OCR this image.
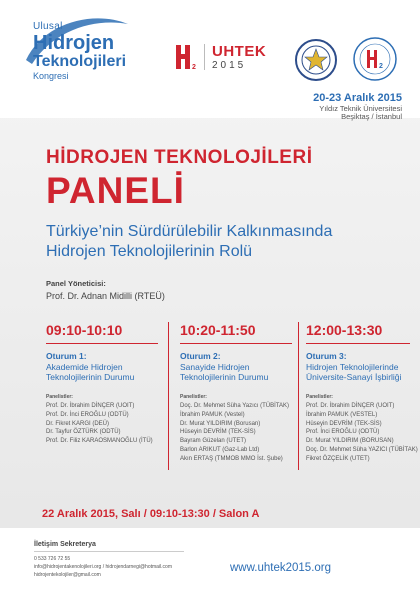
Ulusal
Hidrojen
Teknolojileri
Kongresi
2
UHTEK
2015	2
20-23 Aralık 2015
Yıldız Teknik Üniversitesi
Beşiktaş / İstanbul
HİDROJEN TEKNOLOJİLERİ
PANELİ
Türkiye’nin Sürdürülebilir Kalkınmasında
Hidrojen Teknolojilerinin Rolü
Panel Yöneticisi:
Prof. Dr. Adnan Midilli (RTEÜ)
09:10-10:10
Oturum 1:
Akademide Hidrojen
Teknolojilerinin Durumu
Panelistler:
Prof. Dr. İbrahim DİNÇER (UOIT)
Prof. Dr. İnci EROĞLU (ODTÜ)
Dr. Fikret KARGI (DEÜ)
Dr. Tayfur ÖZTÜRK (ODTÜ)
Prof. Dr. Filiz KARAOSMANOĞLU (İTÜ)
10:20-11:50
Oturum 2:
Sanayide Hidrojen
Teknolojilerinin Durumu
Panelistler:
Doç. Dr. Mehmet Süha Yazıcı (TÜBİTAK)
İbrahim PAMUK (Vestel)
Dr. Murat YILDIRIM (Borusan)
Hüseyin DEVRİM (TEK-SİS)
Bayram Güzelan (UTET)
Barlon ARIKUT (Gaz-Lab Ltd)
Akın ERTAŞ (TMMOB MMO İst. Şube)
12:00-13:30
Oturum 3:
Hidrojen Teknolojilerinde
Üniversite-Sanayi İşbirliği
Panelistler:
Prof. Dr. İbrahim DİNÇER (UOIT)
İbrahim PAMUK (VESTEL)
Hüseyin DEVRİM (TEK-SİS)
Prof. İnci EROĞLU (ODTÜ)
Dr. Murat YILDIRIM (BORUSAN)
Doç. Dr. Mehmet Süha YAZICI (TÜBİTAK)
Fikret ÖZÇELİK (UTET)
22 Aralık 2015, Salı / 09:10-13:30 / Salon A
İletişim Sekreterya
0 533 726 72 55
info@hidrojentakenolojileri.org / hidrojendarnegi@hotmail.com
hidrojentekolojiler@gmail.com
www.uhtek2015.org
